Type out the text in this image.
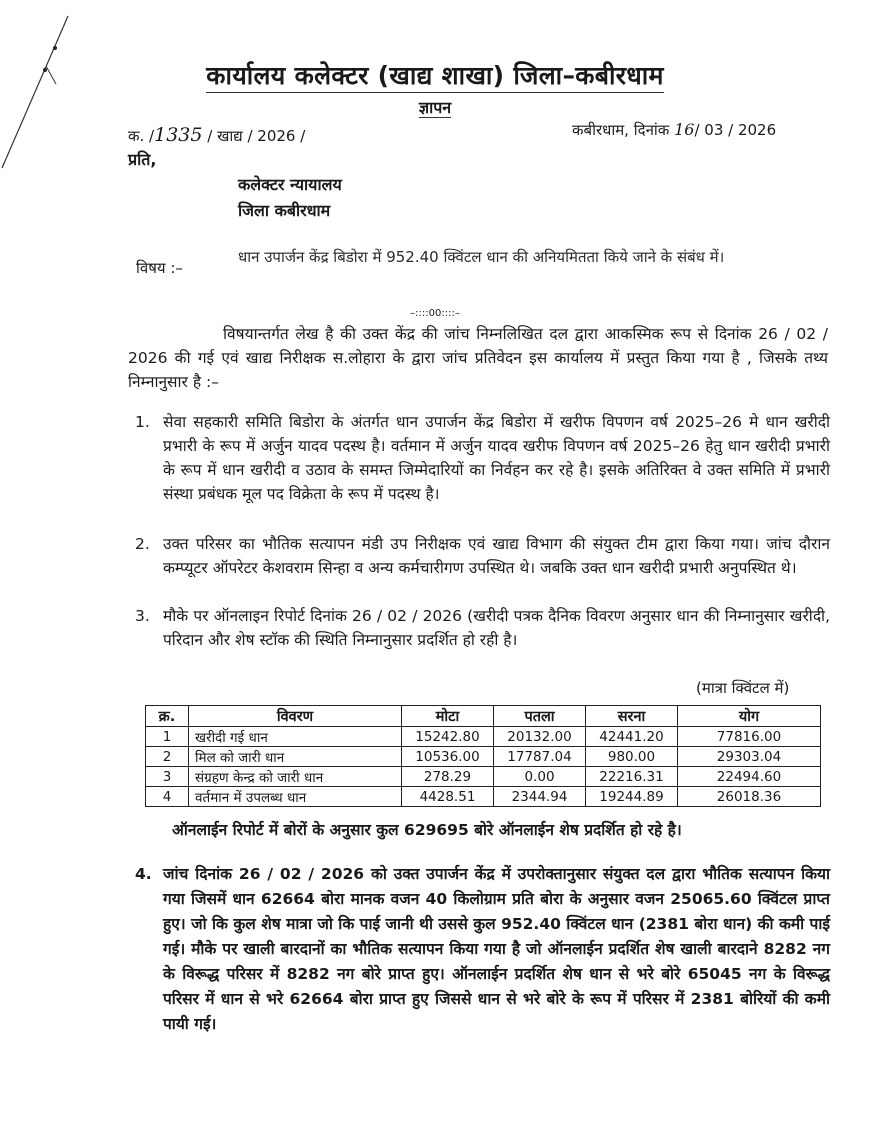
कार्यालय कलेक्टर (खाद्य शाखा) जिला–कबीरधाम
ज्ञापन
क. /1335 / खाद्य / 2026 /	कबीरधाम, दिनांक 16/ 03 / 2026
प्रति,
कलेक्टर न्यायालय
जिला कबीरधाम
विषय :–
धान उपार्जन केंद्र बिडोरा में 952.40 क्विंटल धान की अनियमितता किये जाने के संबंध में।
–::::00::::–
विषयान्तर्गत लेख है की उक्त केंद्र की जांच निम्नलिखित दल द्वारा आकस्मिक रूप से दिनांक 26 / 02 / 2026 की गई एवं खाद्य निरीक्षक स.लोहारा के द्वारा जांच प्रतिवेदन इस कार्यालय में प्रस्तुत किया गया है , जिसके तथ्य निम्नानुसार है :–
1. सेवा सहकारी समिति बिडोरा के अंतर्गत धान उपार्जन केंद्र बिडोरा में खरीफ विपणन वर्ष 2025–26 मे धान खरीदी प्रभारी के रूप में अर्जुन यादव पदस्थ है। वर्तमान में अर्जुन यादव खरीफ विपणन वर्ष 2025–26 हेतु धान खरीदी प्रभारी के रूप में धान खरीदी व उठाव के समम्त जिम्मेदारियों का निर्वहन कर रहे है। इसके अतिरिक्त वे उक्त समिति में प्रभारी संस्था प्रबंधक मूल पद विक्रेता के रूप में पदस्थ है।
2. उक्त परिसर का भौतिक सत्यापन मंडी उप निरीक्षक एवं खाद्य विभाग की संयुक्त टीम द्वारा किया गया। जांच दौरान कम्प्यूटर ऑपरेटर केशवराम सिन्हा व अन्य कर्मचारीगण उपस्थित थे। जबकि उक्त धान खरीदी प्रभारी अनुपस्थित थे।
3. मौके पर ऑनलाइन रिपोर्ट दिनांक 26 / 02 / 2026 (खरीदी पत्रक दैनिक विवरण अनुसार धान की निम्नानुसार खरीदी, परिदान और शेष स्टॉक की स्थिति निम्नानुसार प्रदर्शित हो रही है।
(मात्रा क्विंटल में)
क्र.	विवरण	मोटा	पतला	सरना	योग
1	खरीदी गई धान	15242.80	20132.00	42441.20	77816.00
2	मिल को जारी धान	10536.00	17787.04	980.00	29303.04
3	संग्रहण केन्द्र को जारी धान	278.29	0.00	22216.31	22494.60
4	वर्तमान में उपलब्ध धान	4428.51	2344.94	19244.89	26018.36
ऑनलाईन रिपोर्ट में बोरों के अनुसार कुल 629695 बोरे ऑनलाईन शेष प्रदर्शित हो रहे है।
4. जांच दिनांक 26 / 02 / 2026 को उक्त उपार्जन केंद्र में उपरोक्तानुसार संयुक्त दल द्वारा भौतिक सत्यापन किया गया जिसमें धान 62664 बोरा मानक वजन 40 किलोग्राम प्रति बोरा के अनुसार वजन 25065.60 क्विंटल प्राप्त हुए। जो कि कुल शेष मात्रा जो कि पाई जानी थी उससे कुल 952.40 क्विंटल धान (2381 बोरा धान) की कमी पाई गई। मौके पर खाली बारदानों का भौतिक सत्यापन किया गया है जो ऑनलाईन प्रदर्शित शेष खाली बारदाने 8282 नग के विरूद्ध परिसर में 8282 नग बोरे प्राप्त हुए। ऑनलाईन प्रदर्शित शेष धान से भरे बोरे 65045 नग के विरूद्ध परिसर में धान से भरे 62664 बोरा प्राप्त हुए जिससे धान से भरे बोरे के रूप में परिसर में 2381 बोरियों की कमी पायी गई।
